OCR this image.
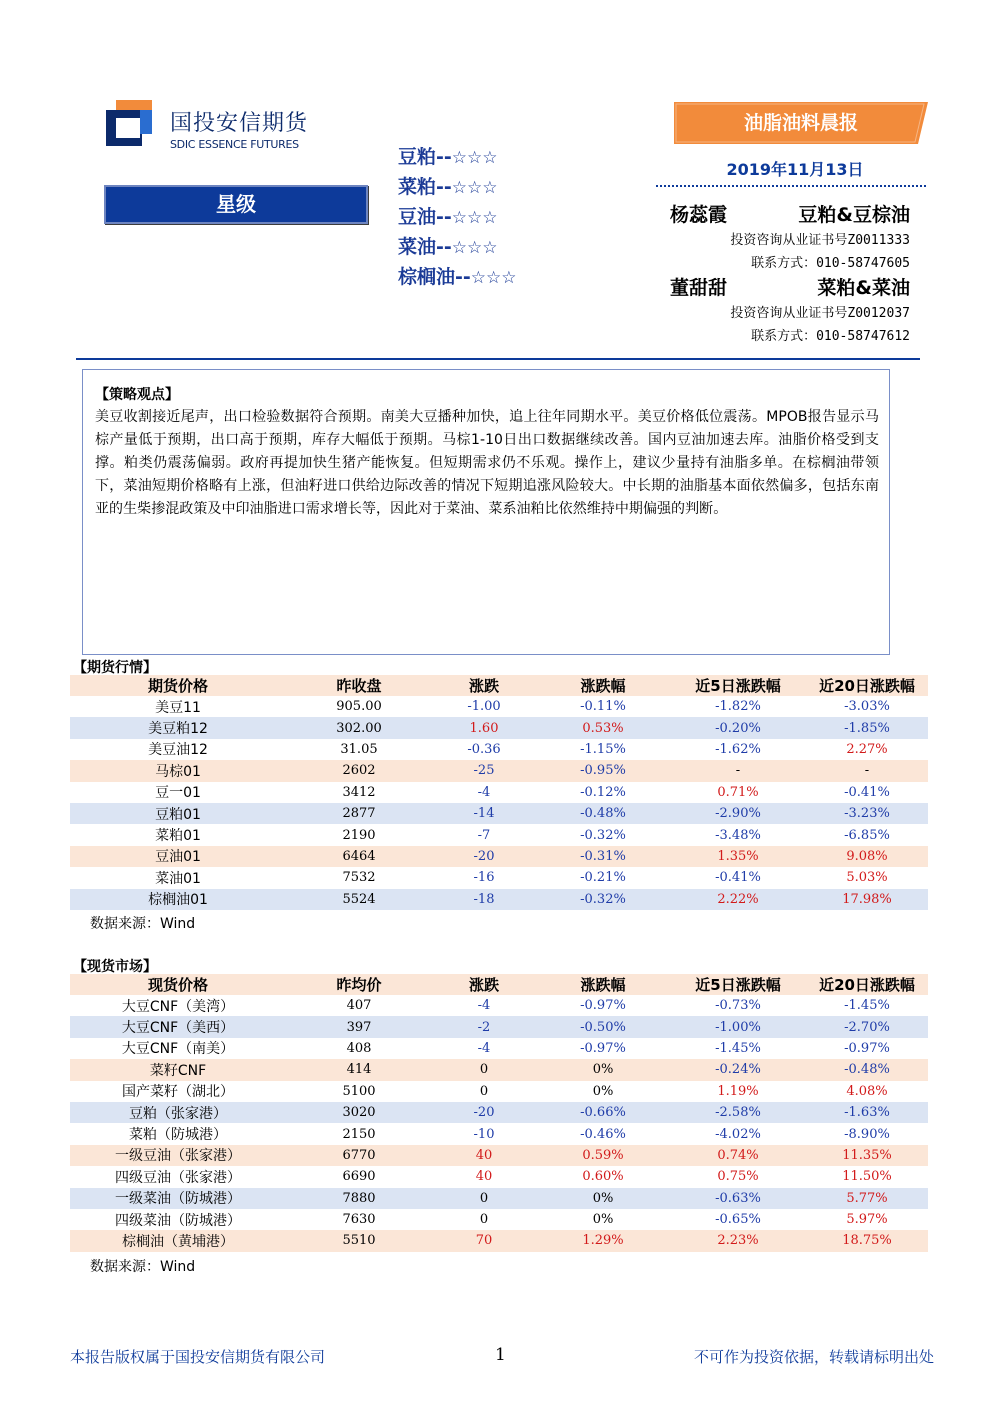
国投安信期货
SDIC ESSENCE FUTURES
星级
豆粕--☆☆☆
菜粕--☆☆☆
豆油--☆☆☆
菜油--☆☆☆
棕榈油--☆☆☆
油脂油料晨报
2019年11月13日
杨蕊霞	豆粕&豆棕油
投资咨询从业证书号Z0011333
联系方式：010-58747605
董甜甜	菜粕&菜油
投资咨询从业证书号Z0012037
联系方式：010-58747612
【策略观点】
美豆收割接近尾声，出口检验数据符合预期。南美大豆播种加快，追上往年同期水平。美豆价格低位震荡。MPOB报告显示马棕产量低于预期，出口高于预期，库存大幅低于预期。马棕1-10日出口数据继续改善。国内豆油加速去库。油脂价格受到支撑。粕类仍震荡偏弱。政府再提加快生猪产能恢复。但短期需求仍不乐观。操作上，建议少量持有油脂多单。在棕榈油带领下，菜油短期价格略有上涨，但油籽进口供给边际改善的情况下短期追涨风险较大。中长期的油脂基本面依然偏多，包括东南亚的生柴掺混政策及中印油脂进口需求增长等，因此对于菜油、菜系油粕比依然维持中期偏强的判断。
【期货行情】
期货价格	昨收盘	涨跌	涨跌幅	近5日涨跌幅	近20日涨跌幅
美豆11	905.00	-1.00	-0.11%	-1.82%	-3.03%
美豆粕12	302.00	1.60	0.53%	-0.20%	-1.85%
美豆油12	31.05	-0.36	-1.15%	-1.62%	2.27%
马棕01	2602	-25	-0.95%	-	-
豆一01	3412	-4	-0.12%	0.71%	-0.41%
豆粕01	2877	-14	-0.48%	-2.90%	-3.23%
菜粕01	2190	-7	-0.32%	-3.48%	-6.85%
豆油01	6464	-20	-0.31%	1.35%	9.08%
菜油01	7532	-16	-0.21%	-0.41%	5.03%
棕榈油01	5524	-18	-0.32%	2.22%	17.98%
数据来源：Wind
【现货市场】
现货价格	昨均价	涨跌	涨跌幅	近5日涨跌幅	近20日涨跌幅
大豆CNF（美湾）	407	-4	-0.97%	-0.73%	-1.45%
大豆CNF（美西）	397	-2	-0.50%	-1.00%	-2.70%
大豆CNF（南美）	408	-4	-0.97%	-1.45%	-0.97%
菜籽CNF	414	0	0%	-0.24%	-0.48%
国产菜籽（湖北）	5100	0	0%	1.19%	4.08%
豆粕（张家港）	3020	-20	-0.66%	-2.58%	-1.63%
菜粕（防城港）	2150	-10	-0.46%	-4.02%	-8.90%
一级豆油（张家港）	6770	40	0.59%	0.74%	11.35%
四级豆油（张家港）	6690	40	0.60%	0.75%	11.50%
一级菜油（防城港）	7880	0	0%	-0.63%	5.77%
四级菜油（防城港）	7630	0	0%	-0.65%	5.97%
棕榈油（黄埔港）	5510	70	1.29%	2.23%	18.75%
数据来源：Wind
本报告版权属于国投安信期货有限公司	1	不可作为投资依据，转载请标明出处
